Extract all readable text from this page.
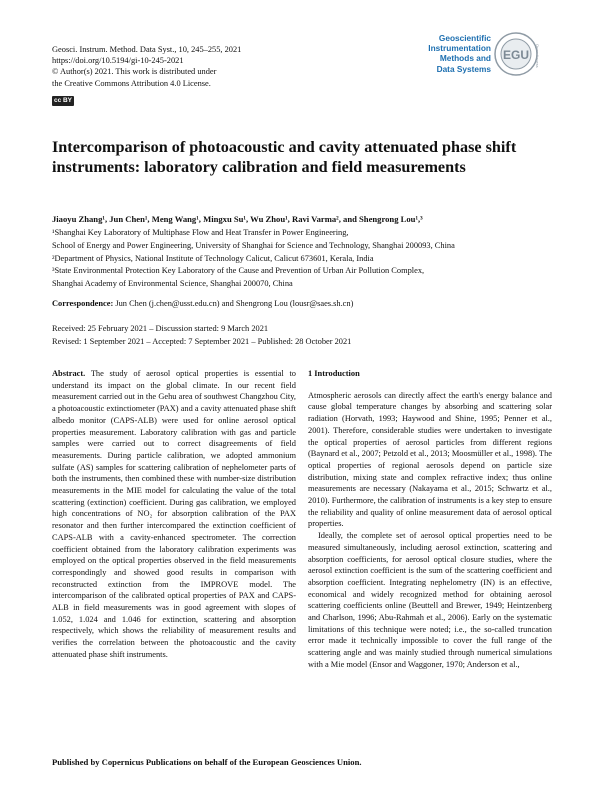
Geosci. Instrum. Method. Data Syst., 10, 245–255, 2021
https://doi.org/10.5194/gi-10-245-2021
© Author(s) 2021. This work is distributed under
the Creative Commons Attribution 4.0 License.
cc BY
Geoscientific
Instrumentation
Methods and
Data Systems
EGU Open Access
Intercomparison of photoacoustic and cavity attenuated phase shift instruments: laboratory calibration and field measurements
Jiaoyu Zhang¹, Jun Chen¹, Meng Wang¹, Mingxu Su¹, Wu Zhou¹, Ravi Varma², and Shengrong Lou¹,³
¹Shanghai Key Laboratory of Multiphase Flow and Heat Transfer in Power Engineering,
School of Energy and Power Engineering, University of Shanghai for Science and Technology, Shanghai 200093, China
²Department of Physics, National Institute of Technology Calicut, Calicut 673601, Kerala, India
³State Environmental Protection Key Laboratory of the Cause and Prevention of Urban Air Pollution Complex,
Shanghai Academy of Environmental Science, Shanghai 200070, China
Correspondence: Jun Chen (j.chen@usst.edu.cn) and Shengrong Lou (lousr@saes.sh.cn)
Received: 25 February 2021 – Discussion started: 9 March 2021
Revised: 1 September 2021 – Accepted: 7 September 2021 – Published: 28 October 2021

Abstract. The study of aerosol optical properties is essential to understand its impact on the global climate. In our recent field measurement carried out in the Gehu area of southwest Changzhou City, a photoacoustic extinctiometer (PAX) and a cavity attenuated phase shift albedo monitor (CAPS-ALB) were used for online aerosol optical properties measurement. Laboratory calibration with gas and particle samples were carried out to correct disagreements of field measurements. During particle calibration, we adopted ammonium sulfate (AS) samples for scattering calibration of nephelometer parts of both the instruments, then combined these with number-size distribution measurements in the MIE model for calculating the value of the total scattering (extinction) coefficient. During gas calibration, we employed high concentrations of NO₂ for absorption calibration of the PAX resonator and then further intercompared the extinction coefficient of CAPS-ALB with a cavity-enhanced spectrometer. The correction coefficient obtained from the laboratory calibration experiments was employed on the optical properties observed in the field measurements correspondingly and showed good results in comparison with reconstructed extinction from the IMPROVE model. The intercomparison of the calibrated optical properties of PAX and CAPS-ALB in field measurements was in good agreement with slopes of 1.052, 1.024 and 1.046 for extinction, scattering and absorption respectively, which shows the reliability of measurement results and verifies the correlation between the photoacoustic and the cavity attenuated phase shift instruments.

1 Introduction

Atmospheric aerosols can directly affect the earth's energy balance and cause global temperature changes by absorbing and scattering solar radiation (Horvath, 1993; Haywood and Shine, 1995; Penner et al., 2001). Therefore, considerable studies were undertaken to investigate the optical properties of aerosol particles from different regions (Baynard et al., 2007; Petzold et al., 2013; Moosmüller et al., 1998). The optical properties of regional aerosols depend on particle size distribution, mixing state and complex refractive index; thus online measurements are necessary (Nakayama et al., 2015; Schwartz et al., 2010). Furthermore, the calibration of instruments is a key step to ensure the reliability and quality of online measurement data of aerosol optical properties.

Ideally, the complete set of aerosol optical properties need to be measured simultaneously, including aerosol extinction, scattering and absorption coefficients, for aerosol optical closure studies, where the aerosol extinction coefficient is the sum of the scattering coefficient and absorption coefficient. Integrating nephelometry (IN) is an effective, economical and widely recognized method for obtaining aerosol scattering coefficients online (Beuttell and Brewer, 1949; Heintzenberg and Charlson, 1996; Abu-Rahmah et al., 2006). Early on the systematic limitations of this technique were noted; i.e., the so-called truncation error made it technically impossible to cover the full range of the scattering angle and was mainly studied through numerical simulations with a Mie model (Ensor and Waggoner, 1970; Anderson et al.,

Published by Copernicus Publications on behalf of the European Geosciences Union.
